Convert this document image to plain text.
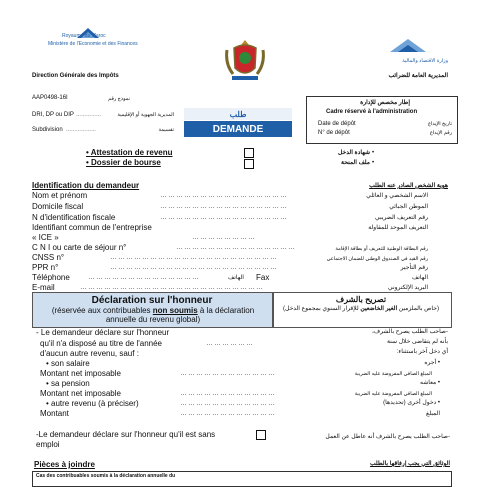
Royaume du Maroc
Ministère de l'Economie et des Finances
Direction Générale des Impôts
وزارة الاقتصاد والمالية
المديرية العامة للضرائب
AAP0498-16I	نموذج رقم
DRI, DP ou DIP ……………	المديرية الجهوية أو الإقليمية
Subdivision ………………	تقسيمة
طلب
DEMANDE
إطار مخصص للإدارة
Cadre réservé à l'administration
Date de dépôt	تاريخ الإيداع
N° de dépôt	رقم الإيداع
• Attestation de revenu	شهادة الدخل •
• Dossier de bourse	ملف المنحة •
Identification du demandeur	هوية الشخص الصادر عنه الطلب
Nom et prénom	…………………………………………	الاسم الشخصي و العائلي
Domicile fiscal	…………………………………………	الموطن الجبائي
N d'identification fiscale	…………………………………………	رقم التعريف الضريبي
Identifiant commun de l'entreprise	التعريف الموحد للمقاولة
« ICE »	……………………
C N I ou carte de séjour n°	………………………………………	رقم البطاقة الوطنية للتعريف أو بطاقة الإقامة
CNSS n°	………………………………………………………	رقم القيد في الصندوق الوطني للضمان الاجتماعي
PPR n°	………………………………………………………	رقم التأجير
Téléphone	……………………………………	الهاتف Fax	الهاتف
E-mail	……………………………………………………………	البريد الإلكتروني
Déclaration sur l'honneur
(réservée aux contribuables non soumis à la déclaration annuelle du revenu global)
تصريح بالشرف
(خاص بالملزمين الغير الخاضعين للإقرار السنوي بمجموع الدخل)
- Le demandeur déclare sur l'honneur
qu'il n'a disposé au titre de l'année	………………
d'aucun autre revenu, sauf :
-صاحب الطلب يصرح بالشرف،
بأنه لم يتقاضى خلال سنة
أي دخل آخر باستثناء:
• son salaire	• أجره
Montant net imposable	………………………………	المبلغ الصافي المفروضة عليه الضريبة
• sa pension	• معاشه
Montant net imposable	………………………………	المبلغ الصافي المفروضة عليه الضريبة
• autre revenu (à préciser)	………………………………	• دخول أخرى (تحديدها)
Montant	………………………………	المبلغ
-Le demandeur déclare sur l'honneur qu'il est sans
emploi
-صاحب الطلب يصرح بالشرف أنه عاطل عن العمل
Pièces à joindre	الوثائق التي يجب إرفاقها بالطلب
Cas des contribuables soumis à la déclaration annuelle du
